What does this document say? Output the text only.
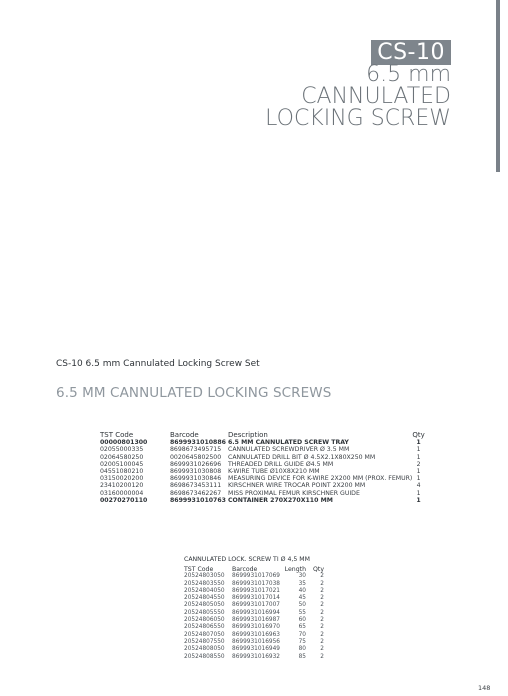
CS-10
6.5 mm
CANNULATED
LOCKING SCREW
CS-10 6.5 mm Cannulated Locking Screw Set
6.5 MM CANNULATED LOCKING SCREWS
TST Code	Barcode	Description	Qty
00000801300	8699931010886	6.5 MM CANNULATED SCREW TRAY	1
02055000335	8698673495715	CANNULATED SCREWDRIVER Ø 3.5 MM	1
02064580250	0020645802500	CANNULATED DRILL BIT Ø 4.5X2.1X80X250 MM	1
02005100045	8699931026696	THREADED DRILL GUIDE Ø4.5 MM	2
04551080210	8699931030808	K-WIRE TUBE Ø10X8X210 MM	1
03150020200	8699931030846	MEASURING DEVICE FOR K-WIRE 2X200 MM (PROX. FEMUR)	1
23410200120	8698673453111	KIRSCHNER WIRE TROCAR POINT 2X200 MM	4
03160000004	8698673462267	MISS PROXIMAL FEMUR KIRSCHNER GUIDE	1
00270270110	8699931010763	CONTAINER 270X270X110 MM	1
CANNULATED LOCK. SCREW TI Ø 4,5 MM
TST Code	Barcode	Length	Qty
20524803050	8699931017069	30	2
20524803550	8699931017038	35	2
20524804050	8699931017021	40	2
20524804550	8699931017014	45	2
20524805050	8699931017007	50	2
20524805550	8699931016994	55	2
20524806050	8699931016987	60	2
20524806550	8699931016970	65	2
20524807050	8699931016963	70	2
20524807550	8699931016956	75	2
20524808050	8699931016949	80	2
20524808550	8699931016932	85	2
148
